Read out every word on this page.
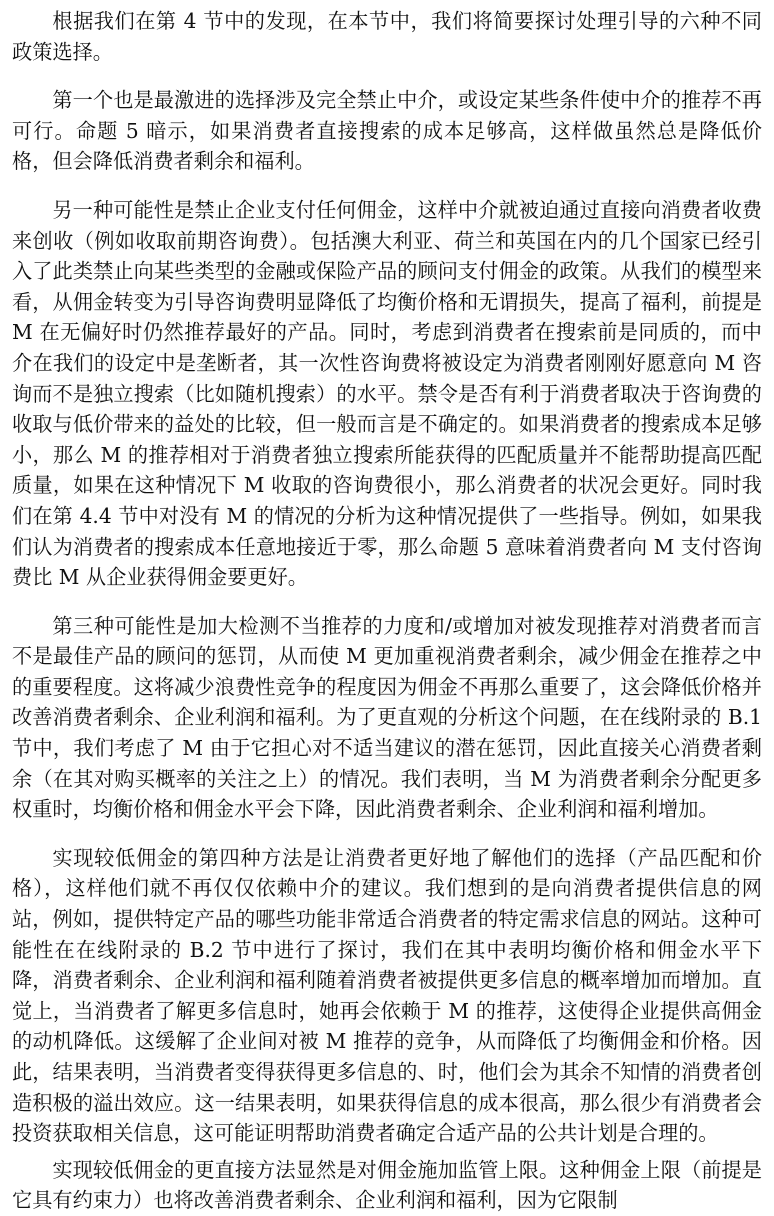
根据我们在第 4 节中的发现，在本节中，我们将简要探讨处理引导的六种不同政策选择。

第一个也是最激进的选择涉及完全禁止中介，或设定某些条件使中介的推荐不再可行。命题 5 暗示，如果消费者直接搜索的成本足够高，这样做虽然总是降低价格，但会降低消费者剩余和福利。

另一种可能性是禁止企业支付任何佣金，这样中介就被迫通过直接向消费者收费来创收（例如收取前期咨询费）。包括澳大利亚、荷兰和英国在内的几个国家已经引入了此类禁止向某些类型的金融或保险产品的顾问支付佣金的政策。从我们的模型来看，从佣金转变为引导咨询费明显降低了均衡价格和无谓损失，提高了福利，前提是 M 在无偏好时仍然推荐最好的产品。同时，考虑到消费者在搜索前是同质的，而中介在我们的设定中是垄断者，其一次性咨询费将被设定为消费者刚刚好愿意向 M 咨询而不是独立搜索（比如随机搜索）的水平。禁令是否有利于消费者取决于咨询费的收取与低价带来的益处的比较，但一般而言是不确定的。如果消费者的搜索成本足够小，那么 M 的推荐相对于消费者独立搜索所能获得的匹配质量并不能帮助提高匹配质量，如果在这种情况下 M 收取的咨询费很小，那么消费者的状况会更好。同时我们在第 4.4 节中对没有 M 的情况的分析为这种情况提供了一些指导。例如，如果我们认为消费者的搜索成本任意地接近于零，那么命题 5 意味着消费者向 M 支付咨询费比 M 从企业获得佣金要更好。

第三种可能性是加大检测不当推荐的力度和/或增加对被发现推荐对消费者而言不是最佳产品的顾问的惩罚，从而使 M 更加重视消费者剩余，减少佣金在推荐之中的重要程度。这将减少浪费性竞争的程度因为佣金不再那么重要了，这会降低价格并改善消费者剩余、企业利润和福利。为了更直观的分析这个问题，在在线附录的 B.1 节中，我们考虑了 M 由于它担心对不适当建议的潜在惩罚，因此直接关心消费者剩余（在其对购买概率的关注之上）的情况。我们表明，当 M 为消费者剩余分配更多权重时，均衡价格和佣金水平会下降，因此消费者剩余、企业利润和福利增加。

实现较低佣金的第四种方法是让消费者更好地了解他们的选择（产品匹配和价格），这样他们就不再仅仅依赖中介的建议。我们想到的是向消费者提供信息的网站，例如，提供特定产品的哪些功能非常适合消费者的特定需求信息的网站。这种可能性在在线附录的 B.2 节中进行了探讨，我们在其中表明均衡价格和佣金水平下降，消费者剩余、企业利润和福利随着消费者被提供更多信息的概率增加而增加。直觉上，当消费者了解更多信息时，她再会依赖于 M 的推荐，这使得企业提供高佣金的动机降低。这缓解了企业间对被 M 推荐的竞争，从而降低了均衡佣金和价格。因此，结果表明，当消费者变得获得更多信息的、时，他们会为其余不知情的消费者创造积极的溢出效应。这一结果表明，如果获得信息的成本很高，那么很少有消费者会投资获取相关信息，这可能证明帮助消费者确定合适产品的公共计划是合理的。

实现较低佣金的更直接方法显然是对佣金施加监管上限。这种佣金上限（前提是它具有约束力）也将改善消费者剩余、企业利润和福利，因为它限制
